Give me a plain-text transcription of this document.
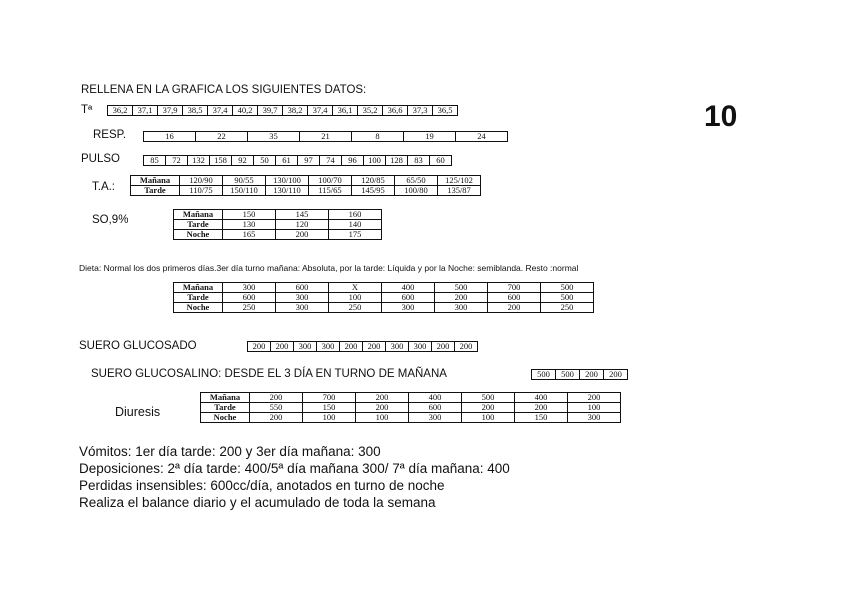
RELLENA EN LA GRAFICA LOS SIGUIENTES DATOS:
10
Tª 36,2	37,1	37,9	38,5	37,4	40,2	39,7	38,2	37,4	36,1	35,2	36,6	37,3	36,5
RESP.	16	22	35	21	8	19	24
PULSO	85	72	132	158	92	50	61	97	74	96	100	128	83	60
T.A.:
Mañana	120/90	90/55	130/100	100/70	120/85	65/50	125/102
Tarde	110/75	150/110	130/110	115/65	145/95	100/80	135/87
SO,9%	Mañana	150	145	160
Tarde	130	120	140
Noche	165	200	175
Dieta: Normal los dos primeros días.3er día turno mañana: Absoluta, por la tarde: Líquida y por la Noche: semiblanda. Resto :normal
Mañana	300	600	X	400	500	700	500
Tarde	600	300	100	600	200	600	500
Noche	250	300	250	300	300	200	250
SUERO GLUCOSADO	200	200	300	300	200	200	300	300	200	200
SUERO GLUCOSALINO: DESDE EL 3 DÍA EN TURNO DE MAÑANA	500	500	200	200
Diuresis
Mañana	200	700	200	400	500	400	200
Tarde	550	150	200	600	200	200	100
Noche	200	100	100	300	100	150	300
Vómitos: 1er día tarde: 200 y 3er día mañana: 300
Deposiciones: 2ª día tarde: 400/5ª día mañana 300/ 7ª día mañana: 400
Perdidas insensibles: 600cc/día, anotados en turno de noche
Realiza el balance diario y el acumulado de toda la semana
